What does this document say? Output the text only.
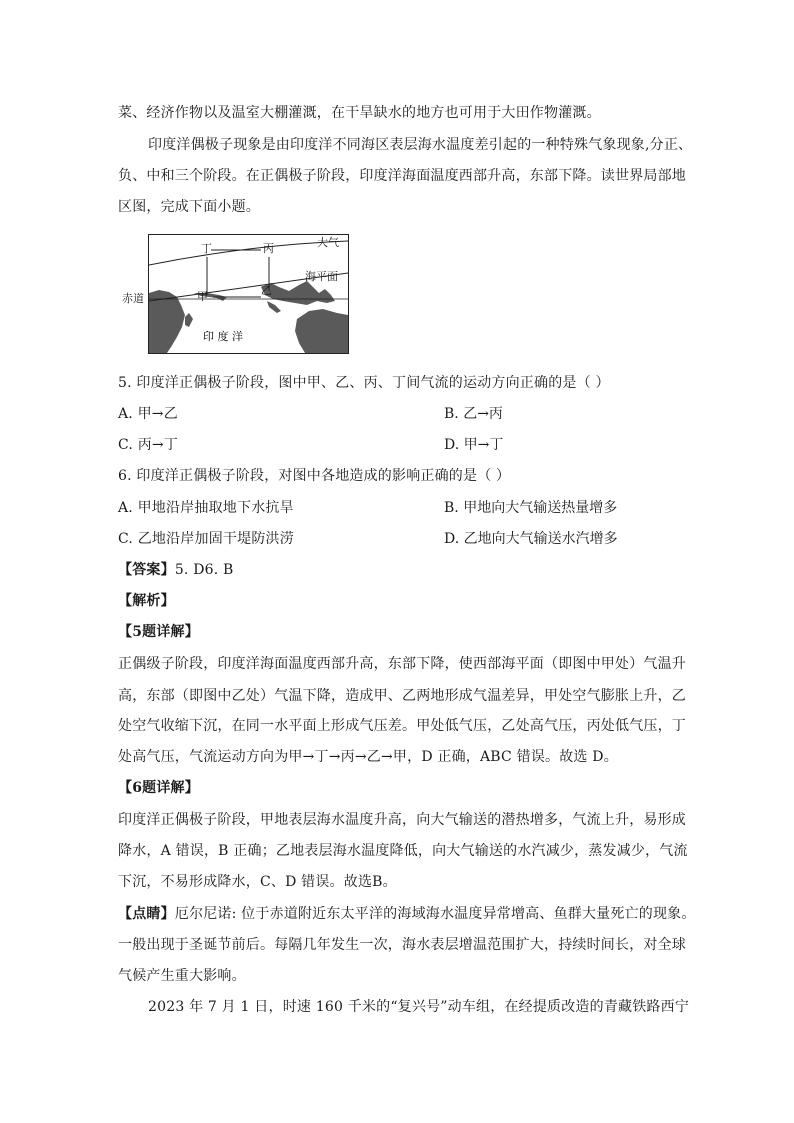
菜、经济作物以及温室大棚灌溉，在干旱缺水的地方也可用于大田作物灌溉。
印度洋偶极子现象是由印度洋不同海区表层海水温度差引起的一种特殊气象现象,分正、
负、中和三个阶段。在正偶极子阶段，印度洋海面温度西部升高，东部下降。读世界局部地
区图，完成下面小题。
丁	丙	大气
海平面
甲	乙
印 度 洋
赤道
5. 印度洋正偶极子阶段，图中甲、乙、丙、丁间气流的运动方向正确的是（ ）
A. 甲→乙	B. 乙→丙
C. 丙→丁	D. 甲→丁
6. 印度洋正偶极子阶段，对图中各地造成的影响正确的是（ ）
A. 甲地沿岸抽取地下水抗旱	B. 甲地向大气输送热量增多
C. 乙地沿岸加固干堤防洪涝	D. 乙地向大气输送水汽增多
【答案】5. D6. B
【解析】
【5题详解】
正偶级子阶段，印度洋海面温度西部升高，东部下降，使西部海平面（即图中甲处）气温升
高，东部（即图中乙处）气温下降，造成甲、乙两地形成气温差异，甲处空气膨胀上升，乙
处空气收缩下沉，在同一水平面上形成气压差。甲处低气压，乙处高气压，丙处低气压，丁
处高气压，气流运动方向为甲→丁→丙→乙→甲，D 正确，ABC 错误。故选 D。
【6题详解】
印度洋正偶极子阶段，甲地表层海水温度升高，向大气输送的潜热增多，气流上升，易形成
降水，A 错误，B 正确；乙地表层海水温度降低，向大气输送的水汽减少，蒸发减少，气流
下沉，不易形成降水，C、D 错误。故选B。
【点睛】厄尔尼诺: 位于赤道附近东太平洋的海域海水温度异常增高、鱼群大量死亡的现象。
一般出现于圣诞节前后。每隔几年发生一次，海水表层增温范围扩大，持续时间长，对全球
气候产生重大影响。
2023 年 7 月 1 日，时速 160 千米的“复兴号”动车组，在经提质改造的青藏铁路西宁
